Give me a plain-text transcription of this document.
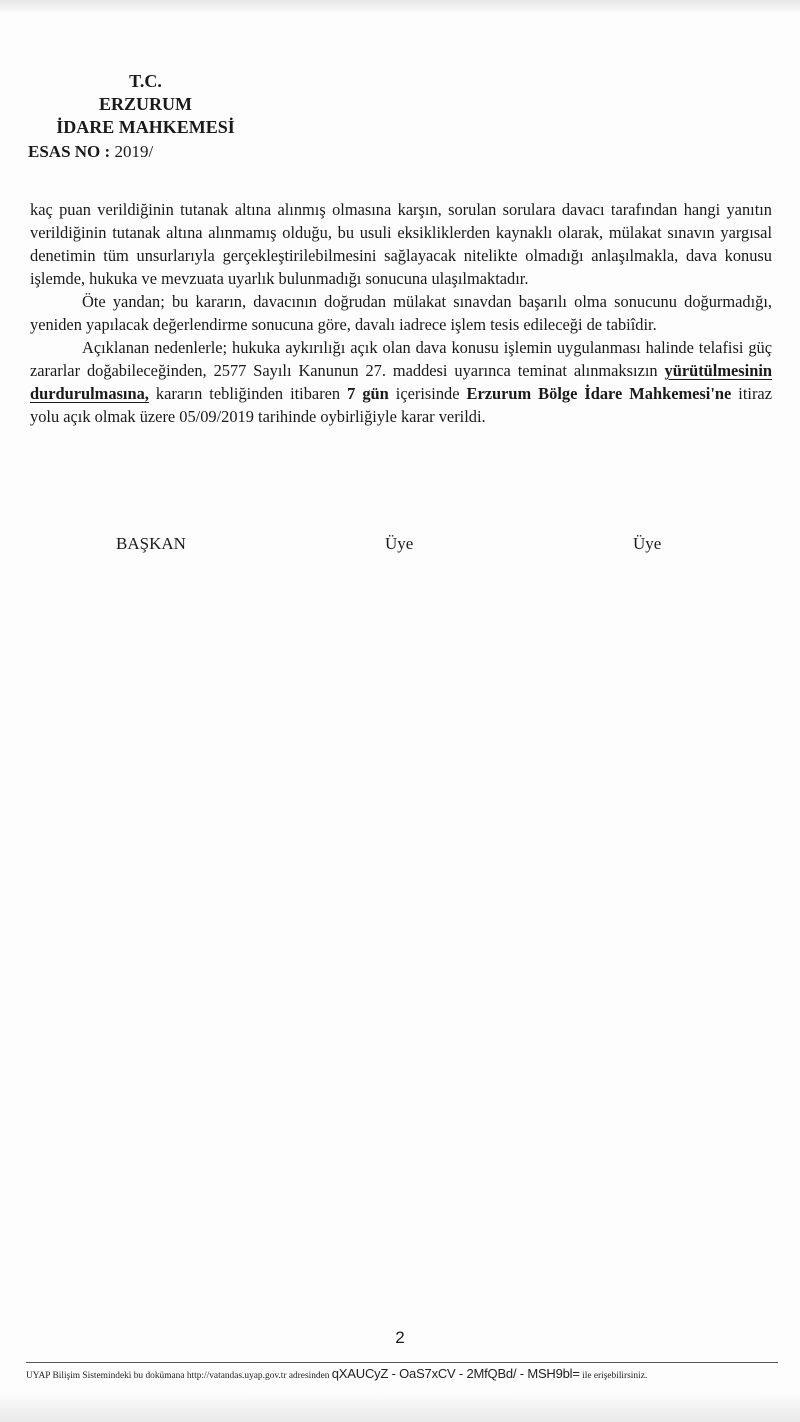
T.C.
ERZURUM
İDARE MAHKEMESİ
ESAS NO : 2019/

kaç puan verildiğinin tutanak altına alınmış olmasına karşın, sorulan sorulara davacı tarafından hangi yanıtın verildiğinin tutanak altına alınmamış olduğu, bu usuli eksikliklerden kaynaklı olarak, mülakat sınavın yargısal denetimin tüm unsurlarıyla gerçekleştirilebilmesini sağlayacak nitelikte olmadığı anlaşılmakla, dava konusu işlemde, hukuka ve mevzuata uyarlık bulunmadığı sonucuna ulaşılmaktadır.

Öte yandan; bu kararın, davacının doğrudan mülakat sınavdan başarılı olma sonucunu doğurmadığı, yeniden yapılacak değerlendirme sonucuna göre, davalı iadrece işlem tesis edileceği de tabiîdir.

Açıklanan nedenlerle; hukuka aykırılığı açık olan dava konusu işlemin uygulanması halinde telafisi güç zararlar doğabileceğinden, 2577 Sayılı Kanunun 27. maddesi uyarınca teminat alınmaksızın yürütülmesinin durdurulmasına, kararın tebliğinden itibaren 7 gün içerisinde Erzurum Bölge İdare Mahkemesi'ne itiraz yolu açık olmak üzere 05/09/2019 tarihinde oybirliğiyle karar verildi.

BAŞKAN	Üye	Üye
2
UYAP Bilişim Sistemindeki bu dokümana http://vatandas.uyap.gov.tr adresinden qXAUCyZ - OaS7xCV - 2MfQBd/ - MSH9bl= ile erişebilirsiniz.
